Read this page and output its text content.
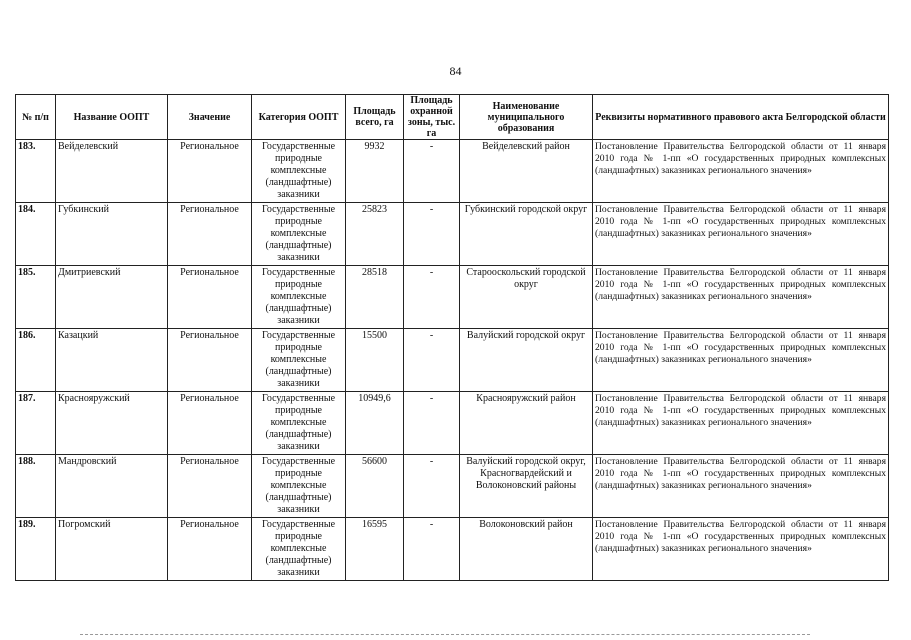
84
№ п/п	Название ООПТ	Значение	Категория ООПТ	Площадь всего, га	Площадь охранной зоны, тыс. га	Наименование муниципального образования	Реквизиты нормативного правового акта Белгородской области
183.	Вейделевский	Региональное	Государственные природные комплексные (ландшафтные) заказники	9932	-	Вейделевский район	Постановление Правительства Белгородской области от 11 января 2010 года № 1-пп «О государственных природных комплексных (ландшафтных) заказниках регионального значения»
184.	Губкинский	Региональное	Государственные природные комплексные (ландшафтные) заказники	25823	-	Губкинский городской округ	Постановление Правительства Белгородской области от 11 января 2010 года № 1-пп «О государственных природных комплексных (ландшафтных) заказниках регионального значения»
185.	Дмитриевский	Региональное	Государственные природные комплексные (ландшафтные) заказники	28518	-	Старооскольский городской округ	Постановление Правительства Белгородской области от 11 января 2010 года № 1-пп «О государственных природных комплексных (ландшафтных) заказниках регионального значения»
186.	Казацкий	Региональное	Государственные природные комплексные (ландшафтные) заказники	15500	-	Валуйский городской округ	Постановление Правительства Белгородской области от 11 января 2010 года № 1-пп «О государственных природных комплексных (ландшафтных) заказниках регионального значения»
187.	Краснояружский	Региональное	Государственные природные комплексные (ландшафтные) заказники	10949,6	-	Краснояружский район	Постановление Правительства Белгородской области от 11 января 2010 года № 1-пп «О государственных природных комплексных (ландшафтных) заказниках регионального значения»
188.	Мандровский	Региональное	Государственные природные комплексные (ландшафтные) заказники	56600	-	Валуйский городской округ, Красногвардейский и Волоконовский районы	Постановление Правительства Белгородской области от 11 января 2010 года № 1-пп «О государственных природных комплексных (ландшафтных) заказниках регионального значения»
189.	Погромский	Региональное	Государственные природные комплексные (ландшафтные) заказники	16595	-	Волоконовский район	Постановление Правительства Белгородской области от 11 января 2010 года № 1-пп «О государственных природных комплексных (ландшафтных) заказниках регионального значения»
